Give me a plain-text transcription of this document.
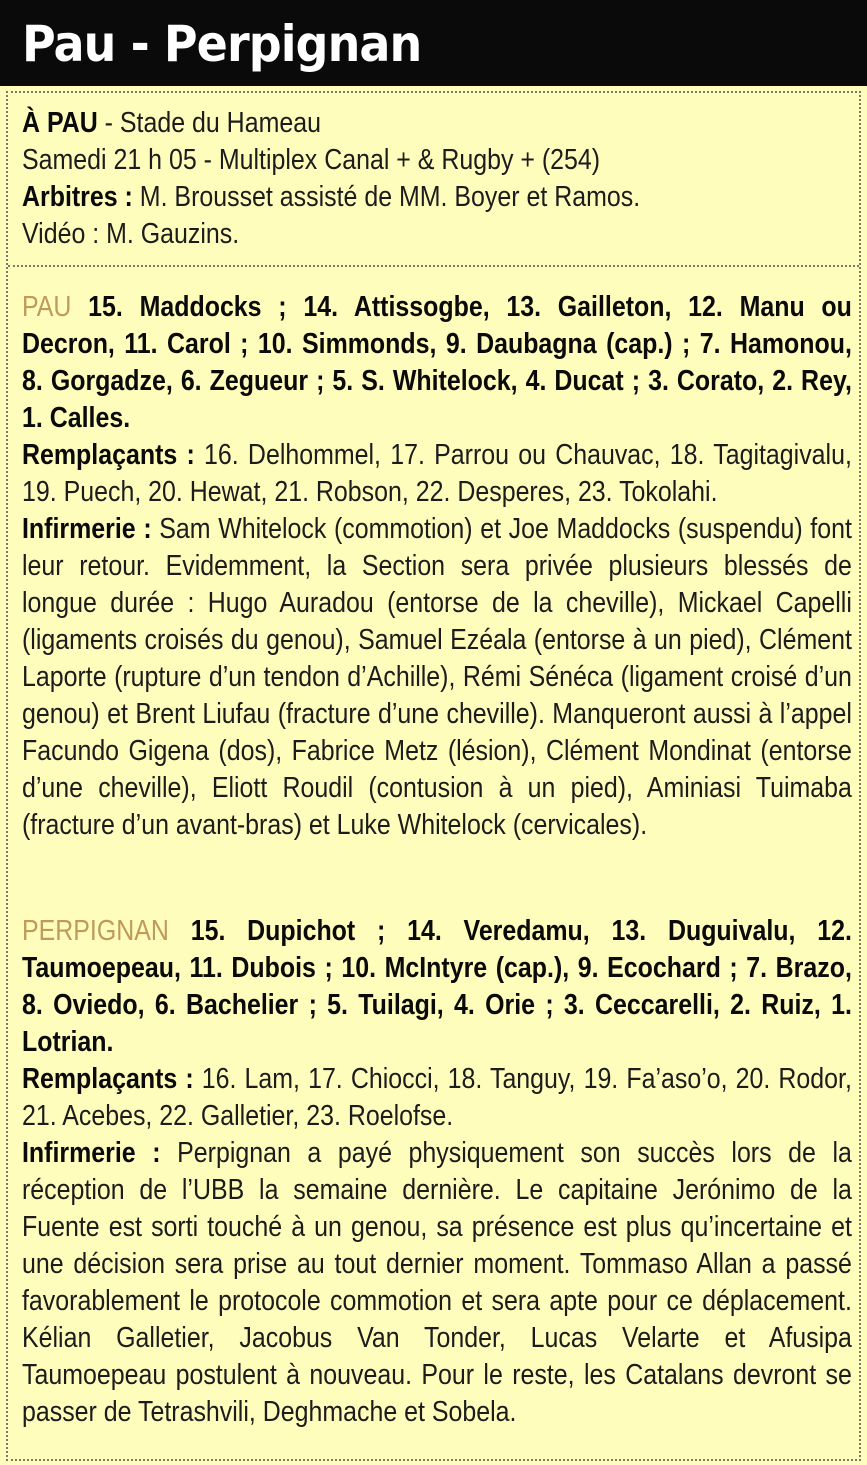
Pau - Perpignan

À PAU - Stade du Hameau

Samedi 21 h 05 - Multiplex Canal + & Rugby + (254)

Arbitres : M. Brousset assisté de MM. Boyer et Ramos.

Vidéo : M. Gauzins.

PAU 15. Maddocks ; 14. Attissogbe, 13. Gailleton, 12. Manu ou Decron, 11. Carol ; 10. Simmonds, 9. Daubagna (cap.) ; 7. Hamonou, 8. Gorgadze, 6. Zegueur ; 5. S. Whitelock, 4. Ducat ; 3. Corato, 2. Rey, 1. Calles.

Remplaçants : 16. Delhommel, 17. Parrou ou Chauvac, 18. Tagitagivalu, 19. Puech, 20. Hewat, 21. Robson, 22. Desperes, 23. Tokolahi.

Infirmerie : Sam Whitelock (commotion) et Joe Maddocks (suspendu) font leur retour. Evidemment, la Section sera privée plusieurs blessés de longue durée : Hugo Auradou (entorse de la cheville), Mickael Capelli (ligaments croisés du genou), Samuel Ezéala (entorse à un pied), Clément Laporte (rupture d’un tendon d’Achille), Rémi Sénéca (ligament croisé d’un genou) et Brent Liufau (fracture d’une cheville). Manqueront aussi à l’appel Facundo Gigena (dos), Fabrice Metz (lésion), Clément Mondinat (entorse d’une cheville), Eliott Roudil (contusion à un pied), Aminiasi Tuimaba (fracture d’un avant-bras) et Luke Whitelock (cervicales).

PERPIGNAN 15. Dupichot ; 14. Veredamu, 13. Duguivalu, 12. Taumoepeau, 11. Dubois ; 10. McIntyre (cap.), 9. Ecochard ; 7. Brazo, 8. Oviedo, 6. Bachelier ; 5. Tuilagi, 4. Orie ; 3. Ceccarelli, 2. Ruiz, 1. Lotrian.

Remplaçants : 16. Lam, 17. Chiocci, 18. Tanguy, 19. Fa’aso’o, 20. Rodor, 21. Acebes, 22. Galletier, 23. Roelofse.

Infirmerie : Perpignan a payé physiquement son succès lors de la réception de l’UBB la semaine dernière. Le capitaine Jerónimo de la Fuente est sorti touché à un genou, sa présence est plus qu’incertaine et une décision sera prise au tout dernier moment. Tommaso Allan a passé favorablement le protocole commotion et sera apte pour ce déplacement. Kélian Galletier, Jacobus Van Tonder, Lucas Velarte et Afusipa Taumoepeau postulent à nouveau. Pour le reste, les Catalans devront se passer de Tetrashvili, Deghmache et Sobela.
